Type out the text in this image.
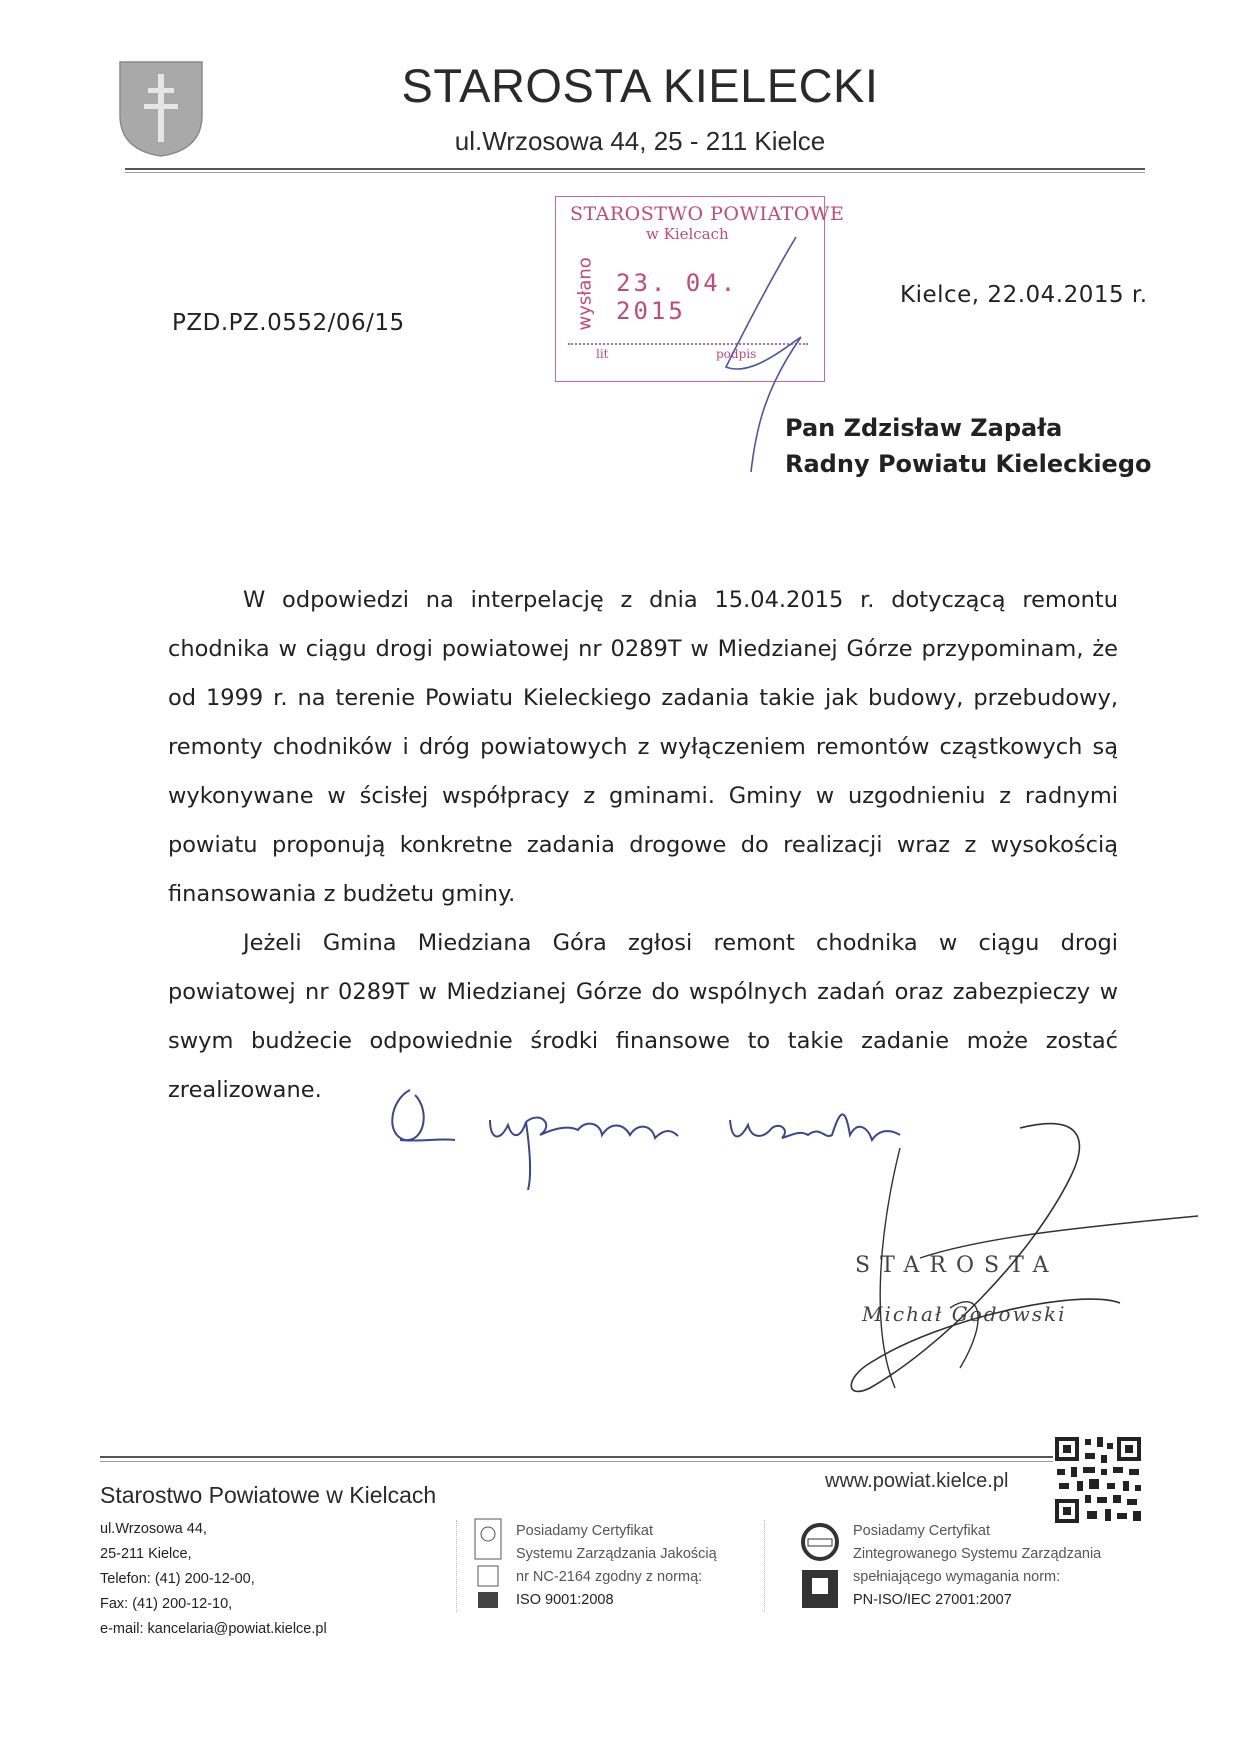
STAROSTA KIELECKI
ul.Wrzosowa 44, 25 - 211 Kielce
STAROSTWO POWIATOWE
w Kielcach
wysłano 23. 04. 2015
lit	podpis
PZD.PZ.0552/06/15
Kielce, 22.04.2015 r.
Pan Zdzisław Zapała
Radny Powiatu Kieleckiego

W odpowiedzi na interpelację z dnia 15.04.2015 r. dotyczącą remontu chodnika w ciągu drogi powiatowej nr 0289T w Miedzianej Górze przypominam, że od 1999 r. na terenie Powiatu Kieleckiego zadania takie jak budowy, przebudowy, remonty chodników i dróg powiatowych z wyłączeniem remontów cząstkowych są wykonywane w ścisłej współpracy z gminami. Gminy w uzgodnieniu z radnymi powiatu proponują konkretne zadania drogowe do realizacji wraz z wysokością finansowania z budżetu gminy.

Jeżeli Gmina Miedziana Góra zgłosi remont chodnika w ciągu drogi powiatowej nr 0289T w Miedzianej Górze do wspólnych zadań oraz zabezpieczy w swym budżecie odpowiednie środki finansowe to takie zadanie może zostać zrealizowane.

STAROSTA
Michał Godowski
Starostwo Powiatowe w Kielcach
www.powiat.kielce.pl
ul.Wrzosowa 44,
25-211 Kielce,
Telefon: (41) 200-12-00,
Fax: (41) 200-12-10,
e-mail: kancelaria@powiat.kielce.pl
Posiadamy Certyfikat
Systemu Zarządzania Jakością
nr NC-2164 zgodny z normą:
ISO 9001:2008
Posiadamy Certyfikat
Zintegrowanego Systemu Zarządzania
spełniającego wymagania norm:
PN-ISO/IEC 27001:2007
